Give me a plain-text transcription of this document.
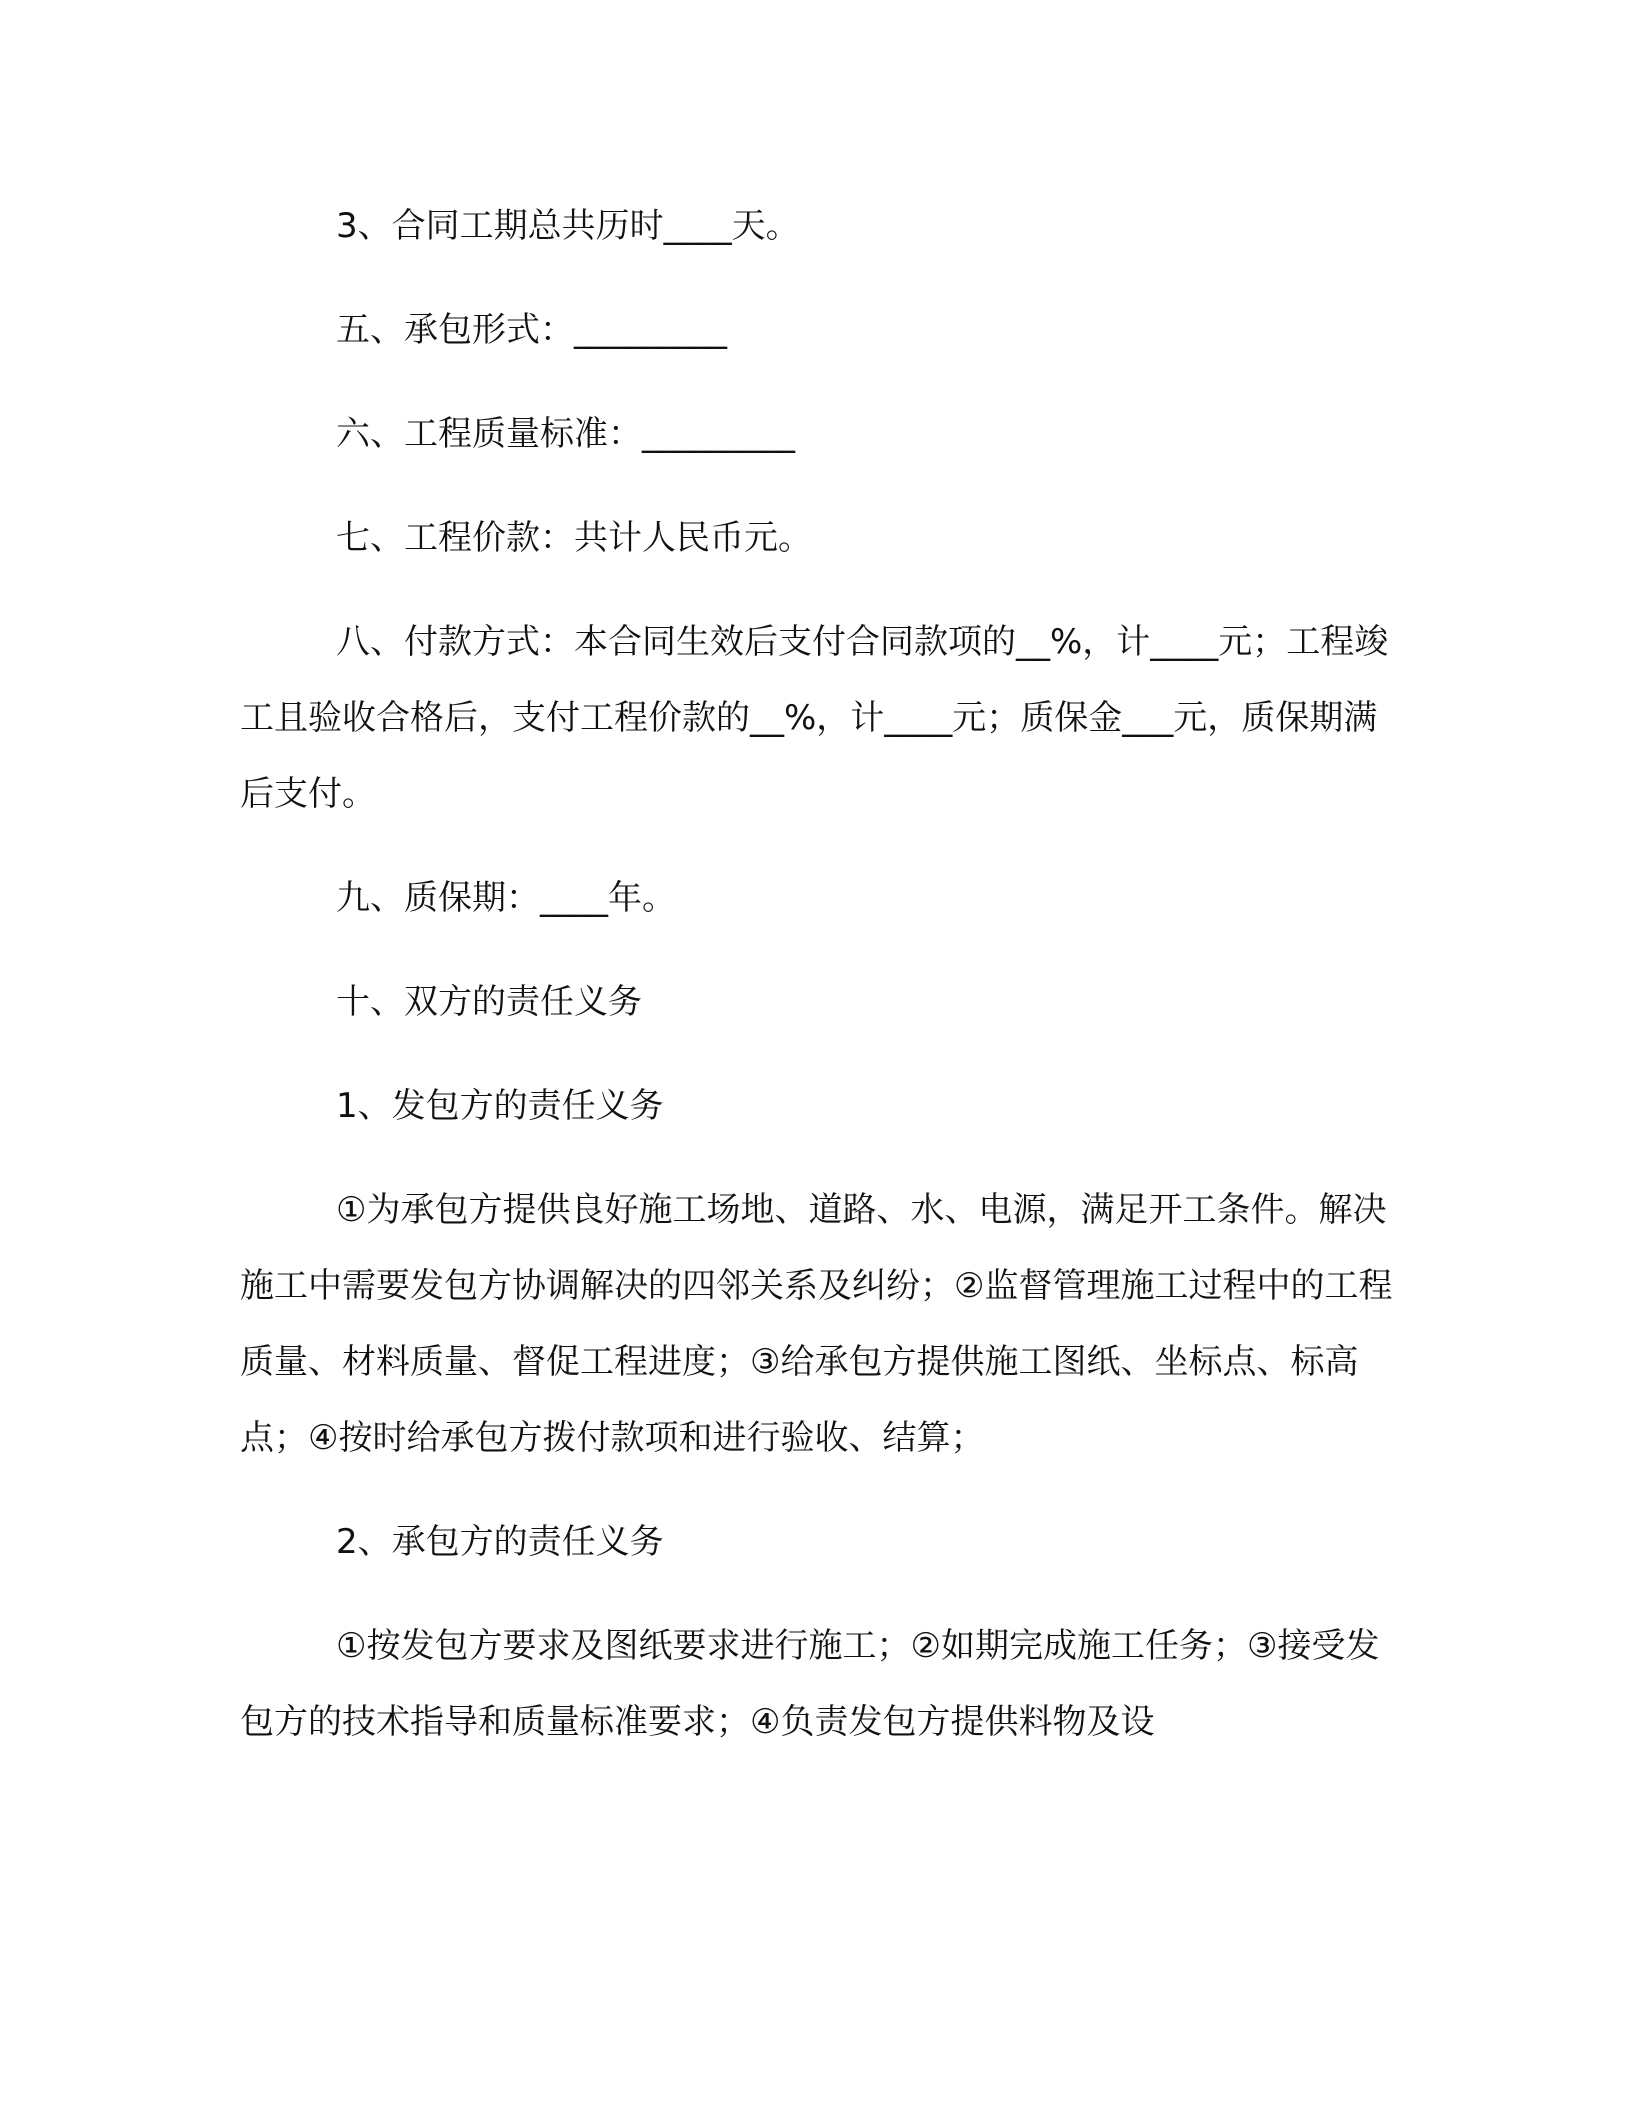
3、合同工期总共历时____天。

五、承包形式：_________

六、工程质量标准：_________

七、工程价款：共计人民币元。

八、付款方式：本合同生效后支付合同款项的__%，计____元；工程竣工且验收合格后，支付工程价款的__%，计____元；质保金___元，质保期满后支付。

九、质保期：____年。

十、双方的责任义务

1、发包方的责任义务

①为承包方提供良好施工场地、道路、水、电源，满足开工条件。解决施工中需要发包方协调解决的四邻关系及纠纷；②监督管理施工过程中的工程质量、材料质量、督促工程进度；③给承包方提供施工图纸、坐标点、标高点；④按时给承包方拨付款项和进行验收、结算；

2、承包方的责任义务

①按发包方要求及图纸要求进行施工；②如期完成施工任务；③接受发包方的技术指导和质量标准要求；④负责发包方提供料物及设
